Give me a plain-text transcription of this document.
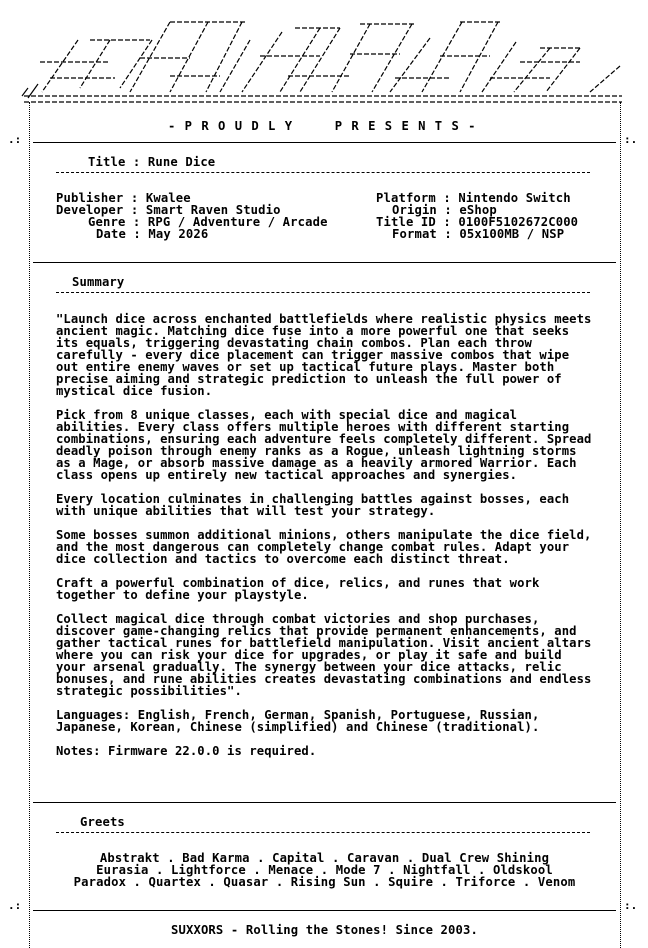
.:	:.
.:	:.
- P R O U D L Y     P R E S E N T S -
Title : Rune Dice
Publisher : Kwalee
Developer : Smart Raven Studio
Genre : RPG / Adventure / Arcade
Date : May 2026
Platform : Nintendo Switch
Origin : eShop
Title ID : 0100F5102672C000
Format : 05x100MB / NSP
Summary

"Launch dice across enchanted battlefields where realistic physics meets ancient magic. Matching dice fuse into a more powerful one that seeks its equals, triggering devastating chain combos. Plan each throw carefully - every dice placement can trigger massive combos that wipe out entire enemy waves or set up tactical future plays. Master both precise aiming and strategic prediction to unleash the full power of mystical dice fusion.

Pick from 8 unique classes, each with special dice and magical abilities. Every class offers multiple heroes with different starting combinations, ensuring each adventure feels completely different. Spread deadly poison through enemy ranks as a Rogue, unleash lightning storms as a Mage, or absorb massive damage as a heavily armored Warrior. Each class opens up entirely new tactical approaches and synergies.

Every location culminates in challenging battles against bosses, each with unique abilities that will test your strategy.

Some bosses summon additional minions, others manipulate the dice field, and the most dangerous can completely change combat rules. Adapt your dice collection and tactics to overcome each distinct threat.

Craft a powerful combination of dice, relics, and runes that work together to define your playstyle.

Collect magical dice through combat victories and shop purchases, discover game-changing relics that provide permanent enhancements, and gather tactical runes for battlefield manipulation. Visit ancient altars where you can risk your dice for upgrades, or play it safe and build your arsenal gradually. The synergy between your dice attacks, relic bonuses, and rune abilities creates devastating combinations and endless strategic possibilities".

Languages: English, French, German, Spanish, Portuguese, Russian, Japanese, Korean, Chinese (simplified) and Chinese (traditional).

Notes: Firmware 22.0.0 is required.

Greets
Abstrakt . Bad Karma . Capital . Caravan . Dual Crew Shining
Eurasia . Lightforce . Menace . Mode 7 . Nightfall . Oldskool
Paradox . Quartex . Quasar . Rising Sun . Squire . Triforce . Venom
SUXXORS - Rolling the Stones! Since 2003.
